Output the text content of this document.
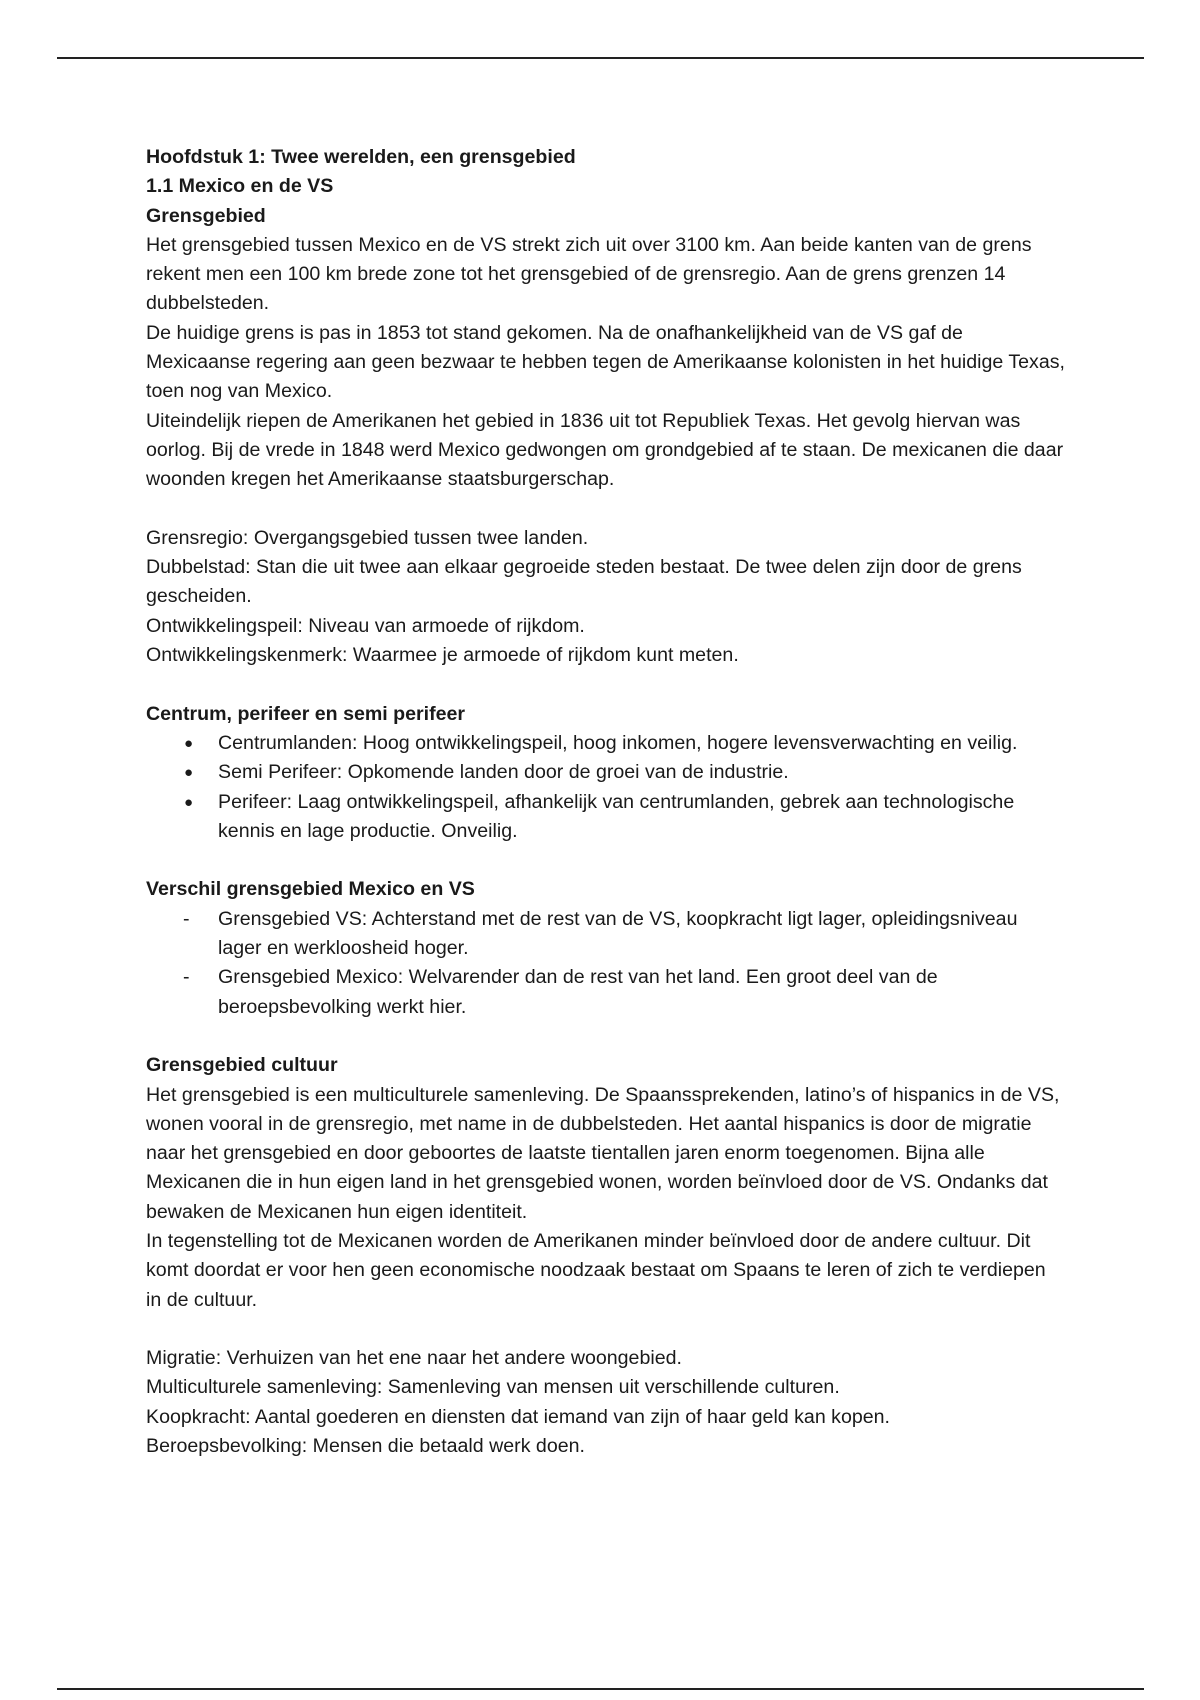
Hoofdstuk 1: Twee werelden, een grensgebied

1.1 Mexico en de VS

Grensgebied

Het grensgebied tussen Mexico en de VS strekt zich uit over 3100 km. Aan beide kanten van de grens rekent men een 100 km brede zone tot het grensgebied of de grensregio. Aan de grens grenzen 14 dubbelsteden.

De huidige grens is pas in 1853 tot stand gekomen. Na de onafhankelijkheid van de VS gaf de Mexicaanse regering aan geen bezwaar te hebben tegen de Amerikaanse kolonisten in het huidige Texas, toen nog van Mexico.

Uiteindelijk riepen de Amerikanen het gebied in 1836 uit tot Republiek Texas. Het gevolg hiervan was oorlog. Bij de vrede in 1848 werd Mexico gedwongen om grondgebied af te staan. De mexicanen die daar woonden kregen het Amerikaanse staatsburgerschap.

Grensregio: Overgangsgebied tussen twee landen.

Dubbelstad: Stan die uit twee aan elkaar gegroeide steden bestaat. De twee delen zijn door de grens gescheiden.

Ontwikkelingspeil: Niveau van armoede of rijkdom.

Ontwikkelingskenmerk: Waarmee je armoede of rijkdom kunt meten.

Centrum, perifeer en semi perifeer

●	Centrumlanden: Hoog ontwikkelingspeil, hoog inkomen, hogere levensverwachting en veilig.
●	Semi Perifeer: Opkomende landen door de groei van de industrie.
●	Perifeer: Laag ontwikkelingspeil, afhankelijk van centrumlanden, gebrek aan technologische kennis en lage productie. Onveilig.

Verschil grensgebied Mexico en VS

-	Grensgebied VS: Achterstand met de rest van de VS, koopkracht ligt lager, opleidingsniveau lager en werkloosheid hoger.
-	Grensgebied Mexico: Welvarender dan de rest van het land. Een groot deel van de beroepsbevolking werkt hier.

Grensgebied cultuur

Het grensgebied is een multiculturele samenleving. De Spaanssprekenden, latino’s of hispanics in de VS, wonen vooral in de grensregio, met name in de dubbelsteden. Het aantal hispanics is door de migratie naar het grensgebied en door geboortes de laatste tientallen jaren enorm toegenomen. Bijna alle Mexicanen die in hun eigen land in het grensgebied wonen, worden beïnvloed door de VS. Ondanks dat bewaken de Mexicanen hun eigen identiteit.

In tegenstelling tot de Mexicanen worden de Amerikanen minder beïnvloed door de andere cultuur. Dit komt doordat er voor hen geen economische noodzaak bestaat om Spaans te leren of zich te verdiepen in de cultuur.

Migratie: Verhuizen van het ene naar het andere woongebied.

Multiculturele samenleving: Samenleving van mensen uit verschillende culturen.

Koopkracht: Aantal goederen en diensten dat iemand van zijn of haar geld kan kopen.

Beroepsbevolking: Mensen die betaald werk doen.
